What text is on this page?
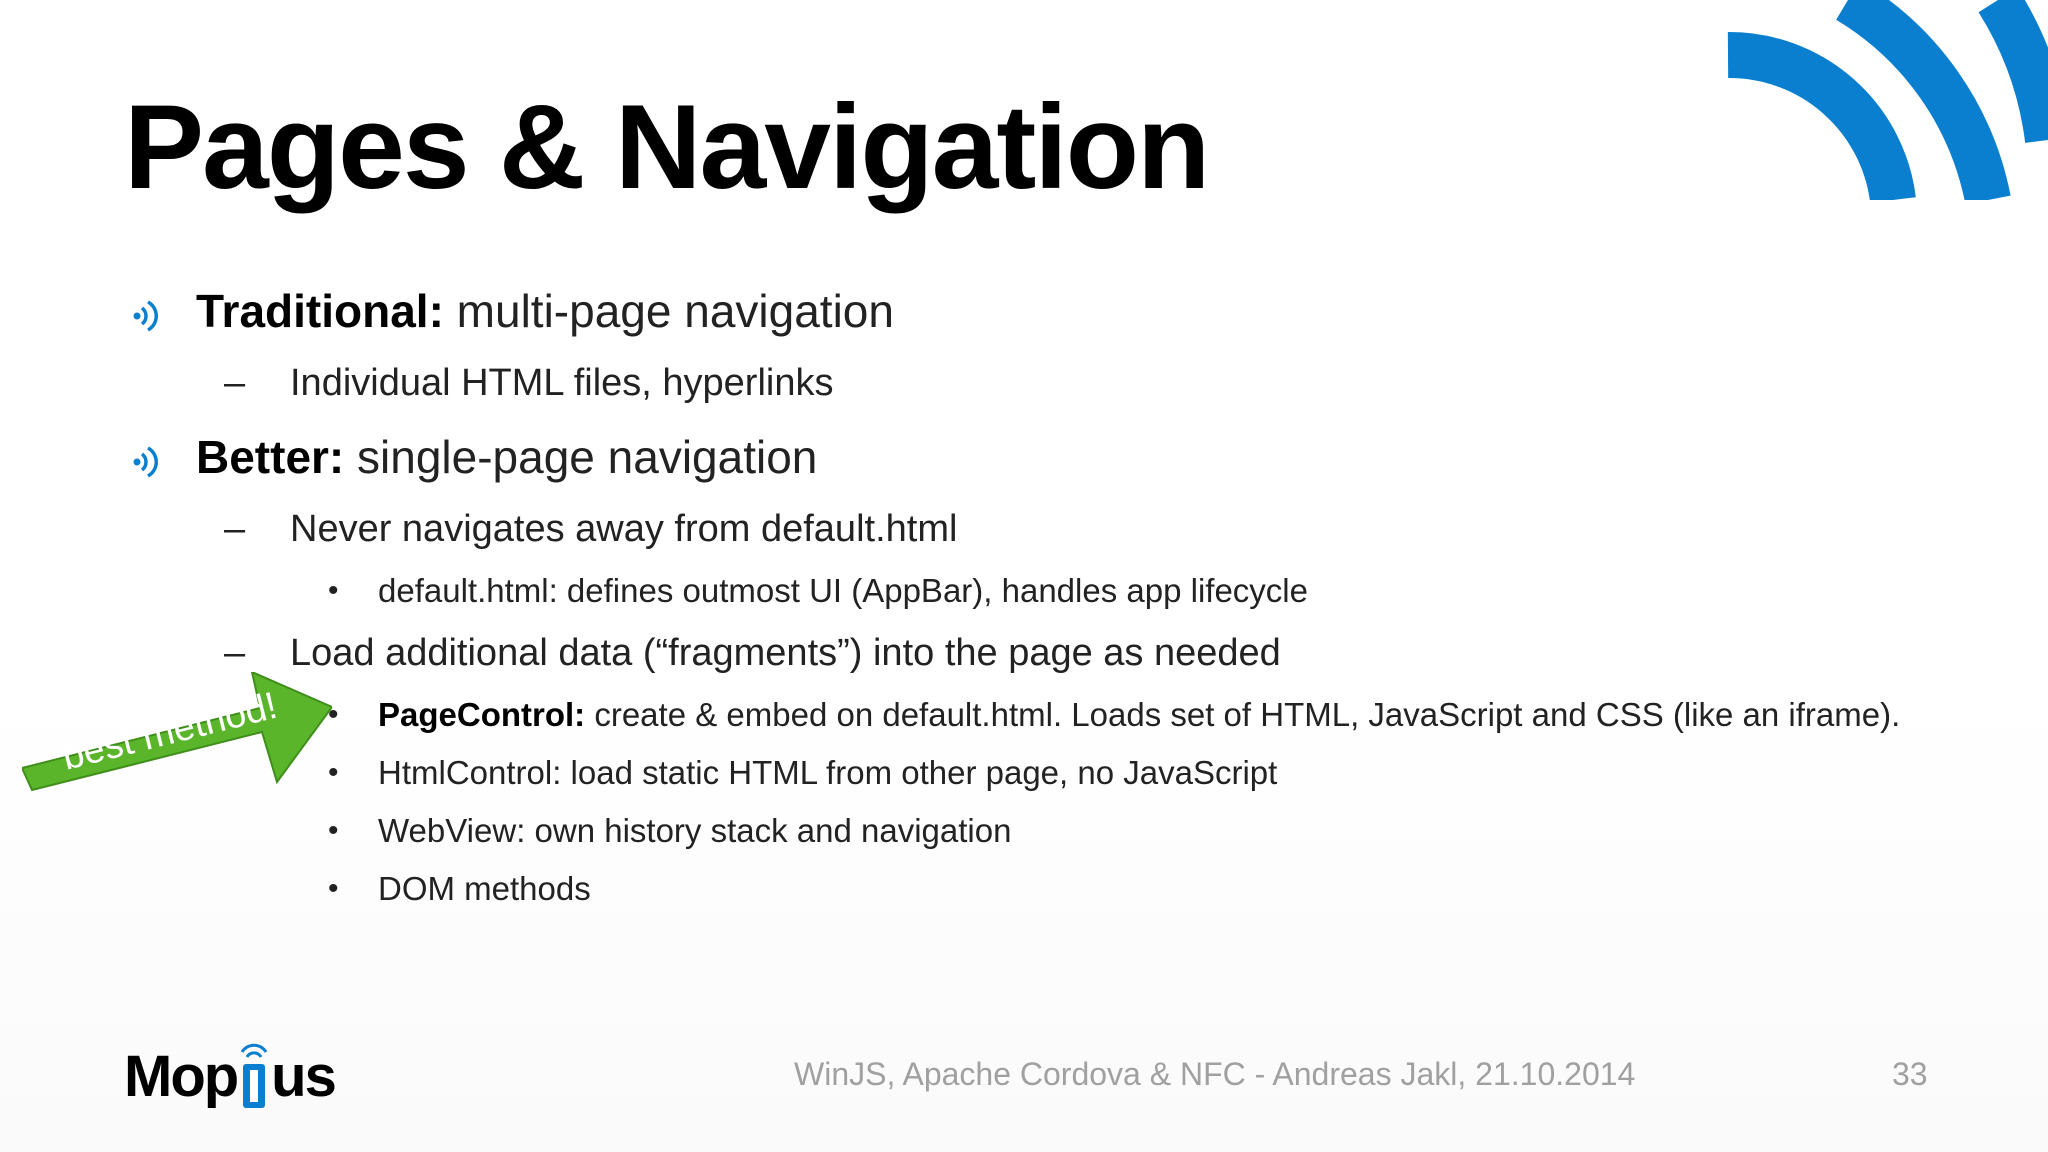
Pages & Navigation
Traditional: multi-page navigation
– Individual HTML files, hyperlinks
Better: single-page navigation
– Never navigates away from default.html
• default.html: defines outmost UI (AppBar), handles app lifecycle
– Load additional data (“fragments”) into the page as needed
• PageControl: create & embed on default.html. Loads set of HTML, JavaScript and CSS (like an iframe).
• HtmlControl: load static HTML from other page, no JavaScript
• WebView: own history stack and navigation
• DOM methods
best method!
Mop us	WinJS, Apache Cordova & NFC - Andreas Jakl, 21.10.2014	33
